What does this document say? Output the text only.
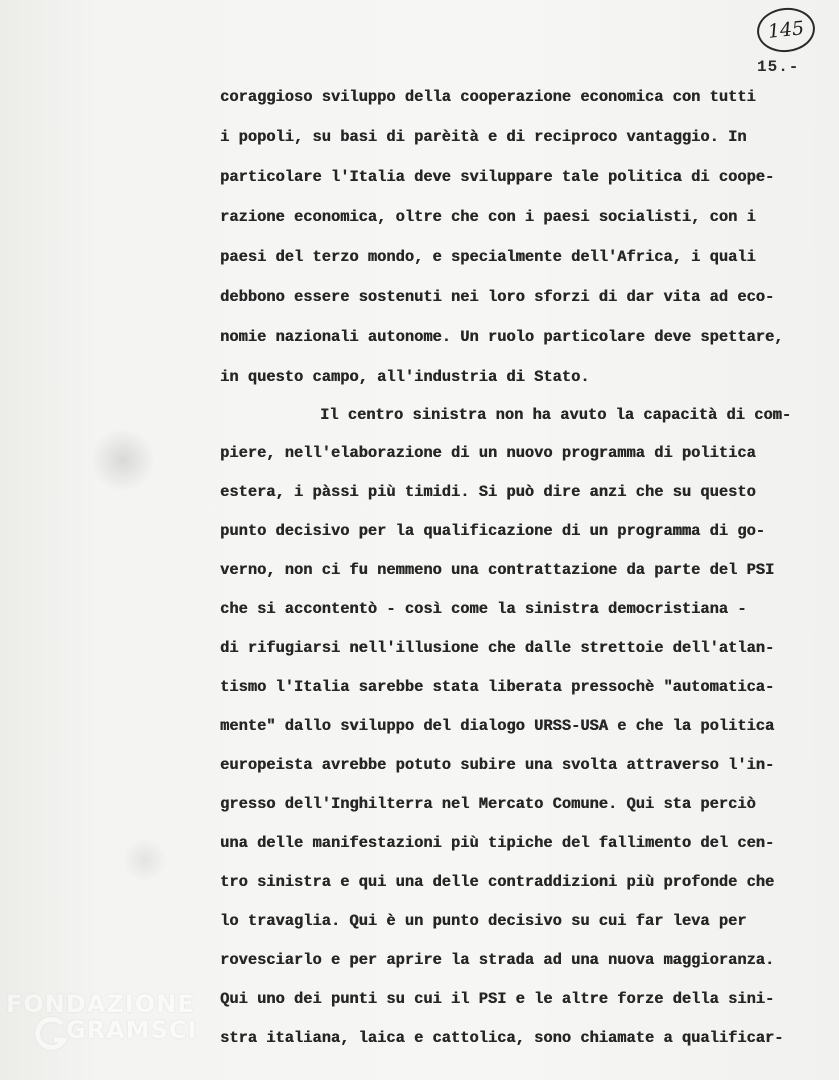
145
15.-
coraggioso sviluppo della cooperazione economica con tutti
i popoli, su basi di parèità e di reciproco vantaggio. In
particolare l'Italia deve sviluppare tale politica di coope-
razione economica, oltre che con i paesi socialisti, con i
paesi del terzo mondo, e specialmente dell'Africa, i quali
debbono essere sostenuti nei loro sforzi di dar vita ad eco-
nomie nazionali autonome. Un ruolo particolare deve spettare,
in questo campo, all'industria di Stato.
Il centro sinistra non ha avuto la capacità di com-
piere, nell'elaborazione di un nuovo programma di politica
estera, i pàssi più timidi. Si può dire anzi che su questo
punto decisivo per la qualificazione di un programma di go-
verno, non ci fu nemmeno una contrattazione da parte del PSI
che si accontentò - così come la sinistra democristiana -
di rifugiarsi nell'illusione che dalle strettoie dell'atlan-
tismo l'Italia sarebbe stata liberata pressochè "automatica-
mente" dallo sviluppo del dialogo URSS-USA e che la politica
europeista avrebbe potuto subire una svolta attraverso l'in-
gresso dell'Inghilterra nel Mercato Comune. Qui sta perciò
una delle manifestazioni più tipiche del fallimento del cen-
tro sinistra e qui una delle contraddizioni più profonde che
lo travaglia. Qui è un punto decisivo su cui far leva per
rovesciarlo e per aprire la strada ad una nuova maggioranza.
Qui uno dei punti su cui il PSI e le altre forze della sini-
stra italiana, laica e cattolica, sono chiamate a qualificar-
FONDAZIONE
GRAMSCI
